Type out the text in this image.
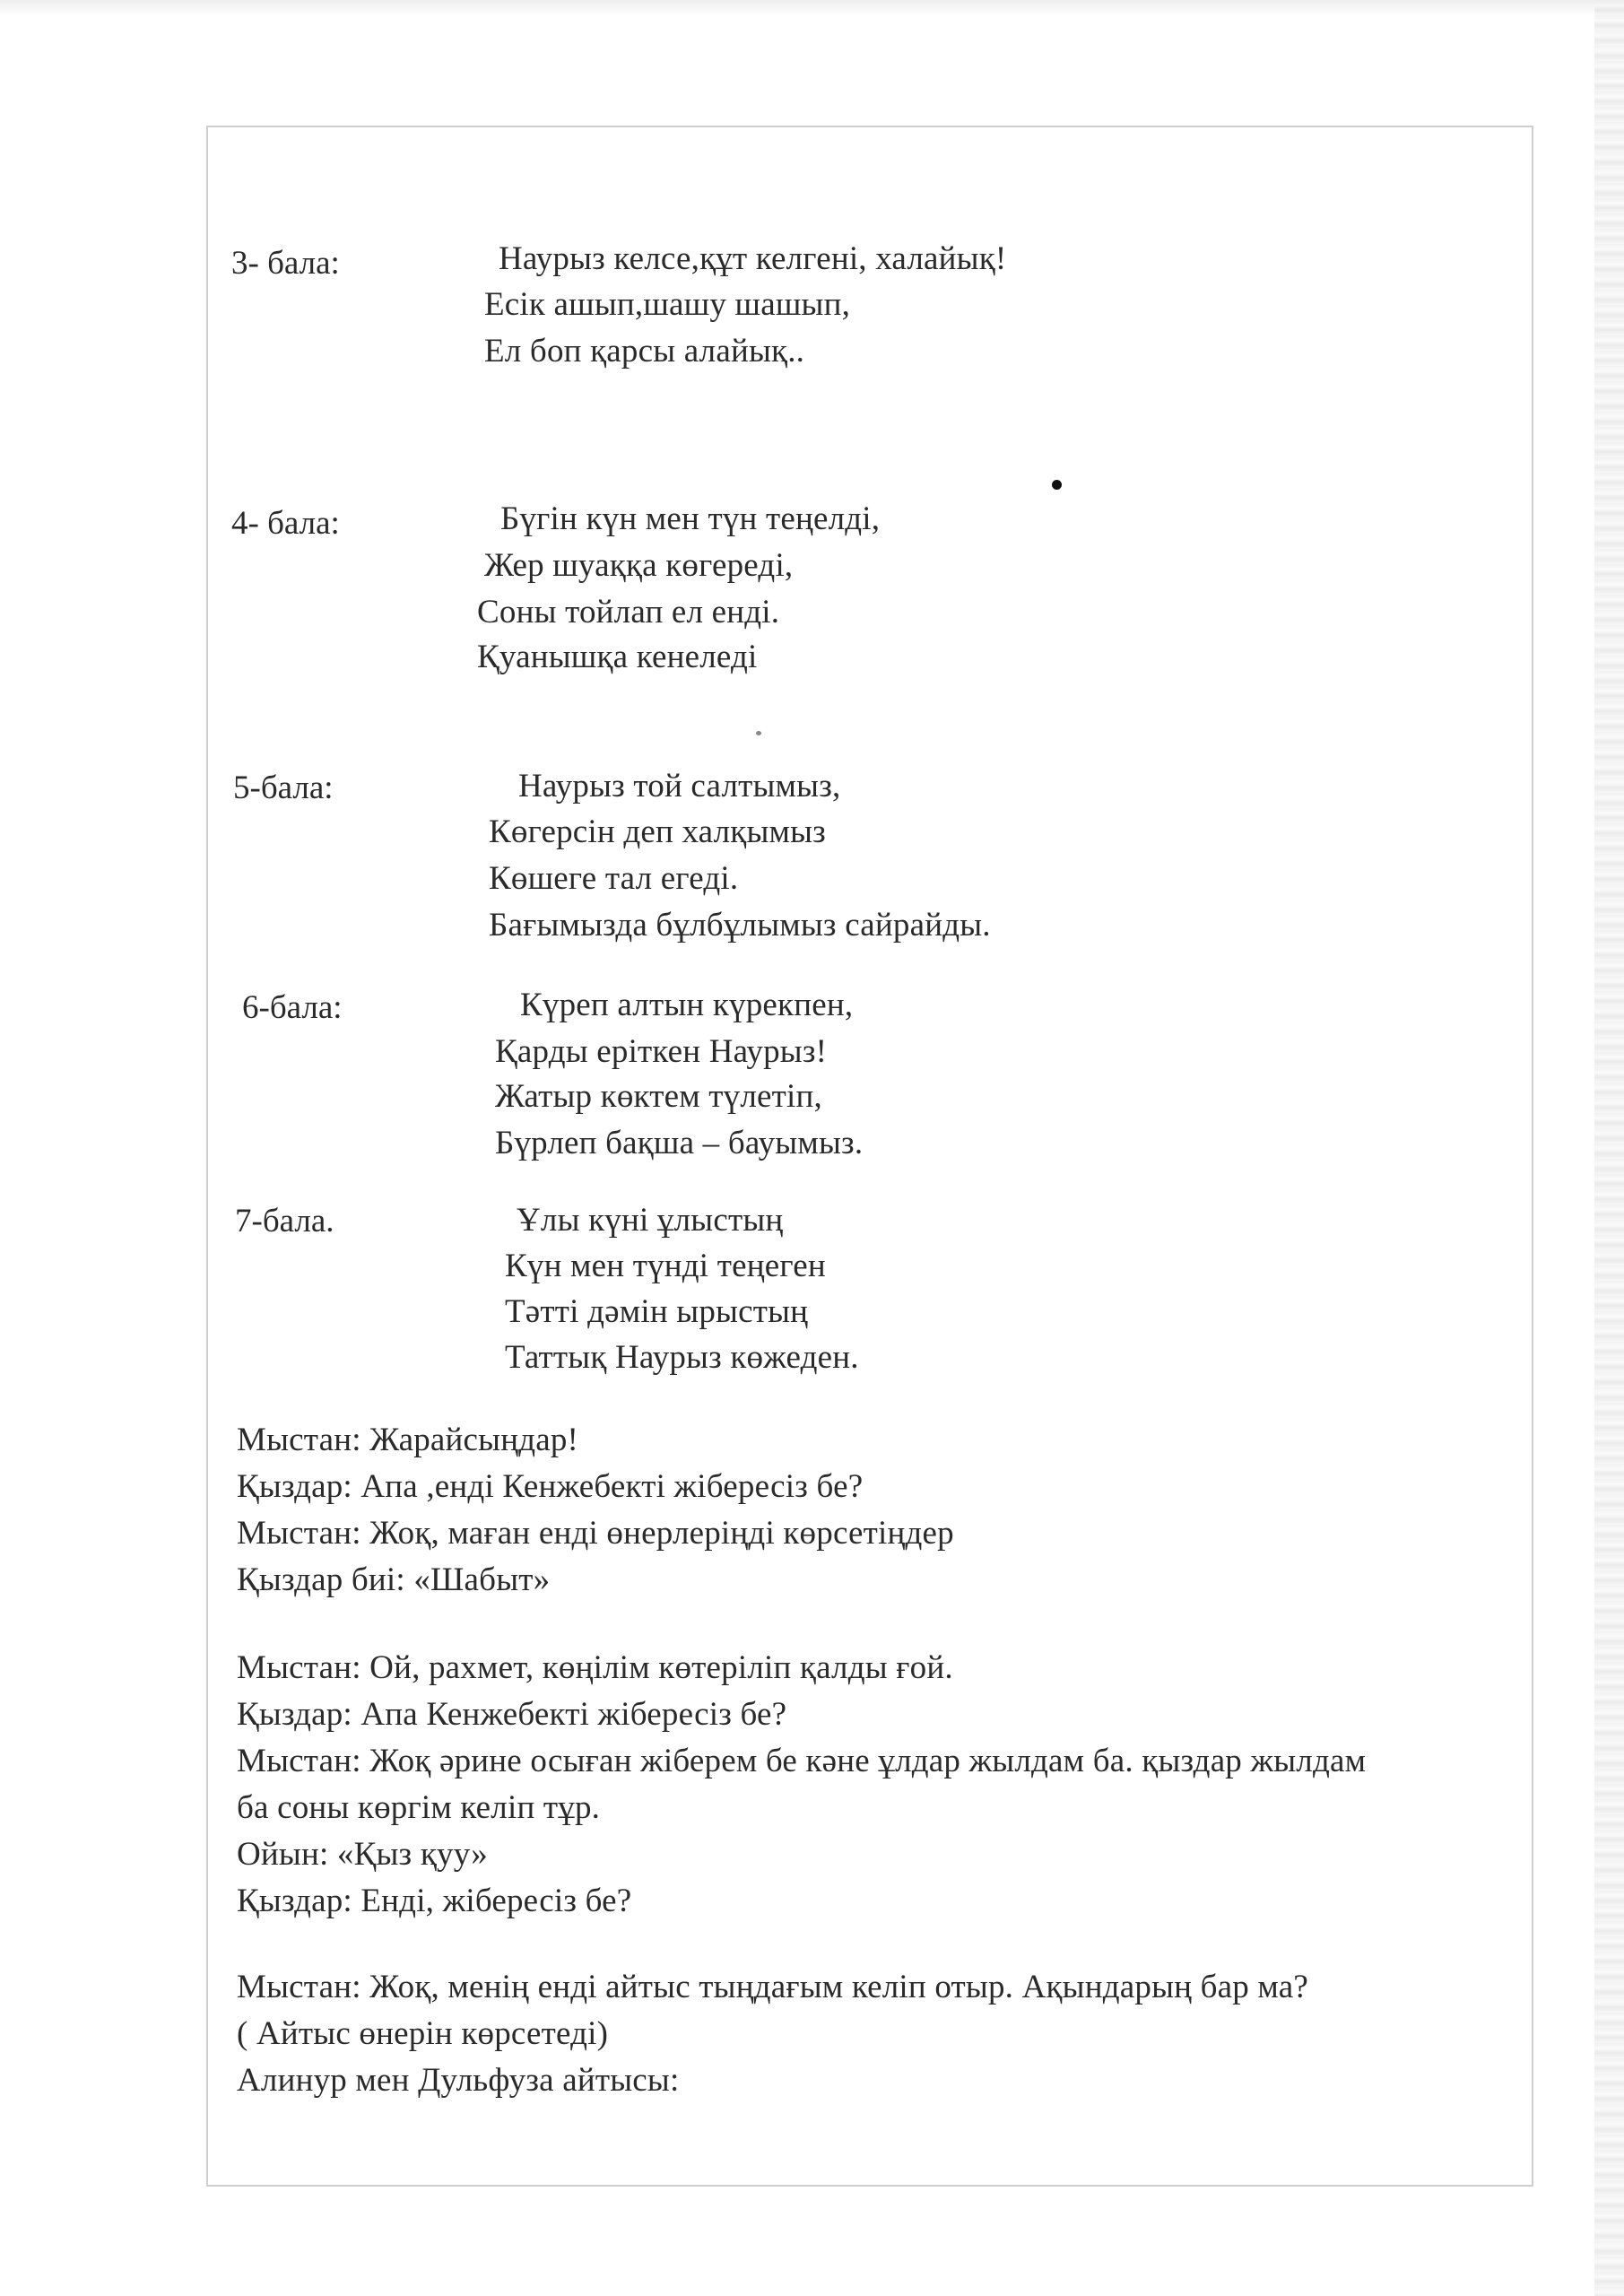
3- бала:	Наурыз келсе,құт келгені, халайық!
Есік ашып,шашу шашып,
Ел боп қарсы алайық..
4- бала:	Бүгін күн мен түн теңелді,
Жер шуаққа көгереді,
Соны тойлап ел енді.
Қуанышқа кенеледі
5-бала:	Наурыз той салтымыз,
Көгерсін деп халқымыз
Көшеге тал егеді.
Бағымызда бұлбұлымыз сайрайды.
6-бала:	Күреп алтын күрекпен,
Қарды еріткен Наурыз!
Жатыр көктем түлетіп,
Бүрлеп бақша – бауымыз.
7-бала.	Ұлы күні ұлыстың
Күн мен түнді теңеген
Тәтті дәмін ырыстың
Таттық Наурыз көжеден.
Мыстан: Жарайсыңдар!
Қыздар: Апа ,енді Кенжебекті жібересіз бе?
Мыстан: Жоқ, маған енді өнерлеріңді көрсетіңдер
Қыздар биі: «Шабыт»
Мыстан: Ой, рахмет, көңілім көтеріліп қалды ғой.
Қыздар: Апа Кенжебекті жібересіз бе?
Мыстан: Жоқ әрине осыған жіберем бе кәне ұлдар жылдам ба. қыздар жылдам
ба соны көргім келіп тұр.
Ойын: «Қыз қуу»
Қыздар: Енді, жібересіз бе?
Мыстан: Жоқ, менің енді айтыс тыңдағым келіп отыр. Ақындарың бар ма?
( Айтыс өнерін көрсетеді)
Алинур мен Дульфуза айтысы:
